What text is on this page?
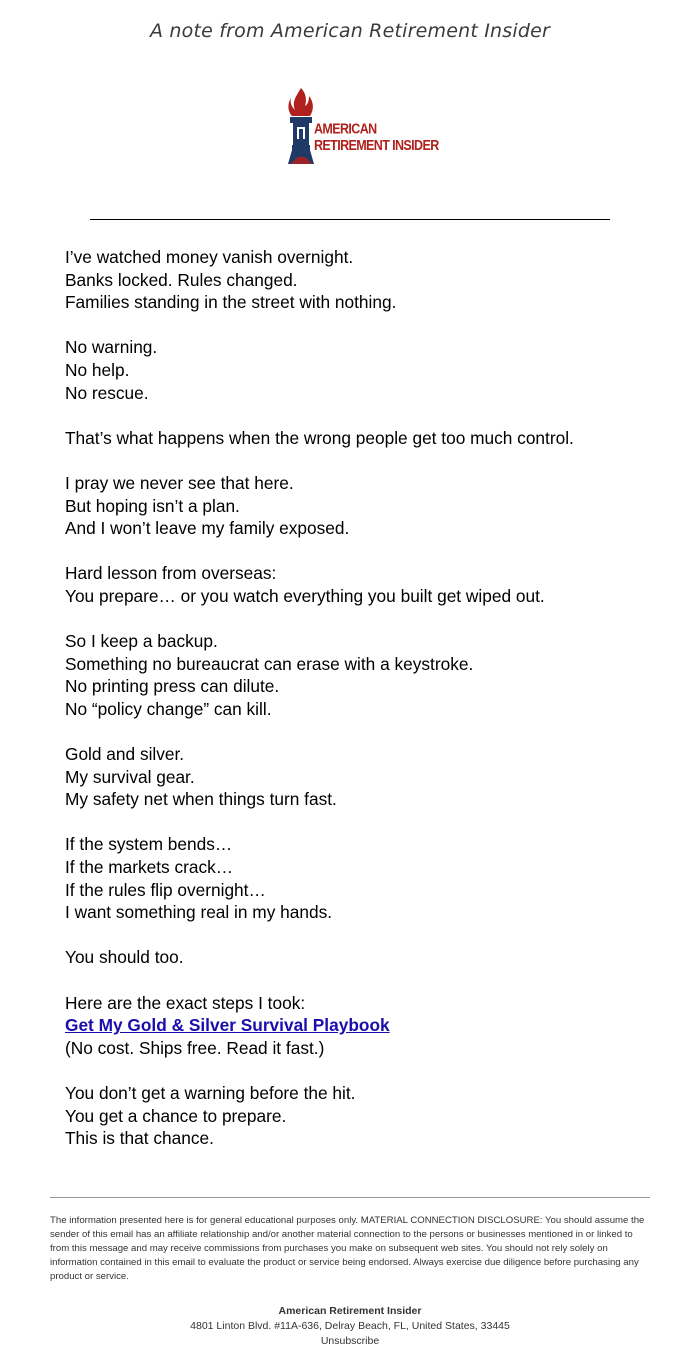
A note from American Retirement Insider
AMERICAN
RETIREMENT INSIDER
I’ve watched money vanish overnight.
Banks locked. Rules changed.
Families standing in the street with nothing.
No warning.
No help.
No rescue.
That’s what happens when the wrong people get too much control.
I pray we never see that here.
But hoping isn’t a plan.
And I won’t leave my family exposed.
Hard lesson from overseas:
You prepare… or you watch everything you built get wiped out.
So I keep a backup.
Something no bureaucrat can erase with a keystroke.
No printing press can dilute.
No “policy change” can kill.
Gold and silver.
My survival gear.
My safety net when things turn fast.
If the system bends…
If the markets crack…
If the rules flip overnight…
I want something real in my hands.
You should too.
Here are the exact steps I took:
Get My Gold & Silver Survival Playbook
(No cost. Ships free. Read it fast.)
You don’t get a warning before the hit.
You get a chance to prepare.
This is that chance.
The information presented here is for general educational purposes only. MATERIAL CONNECTION DISCLOSURE: You should assume the sender of this email has an affiliate relationship and/or another material connection to the persons or businesses mentioned in or linked to from this message and may receive commissions from purchases you make on subsequent web sites. You should not rely solely on information contained in this email to evaluate the product or service being endorsed. Always exercise due diligence before purchasing any product or service.
American Retirement Insider
4801 Linton Blvd. #11A-636, Delray Beach, FL, United States, 33445
Unsubscribe
